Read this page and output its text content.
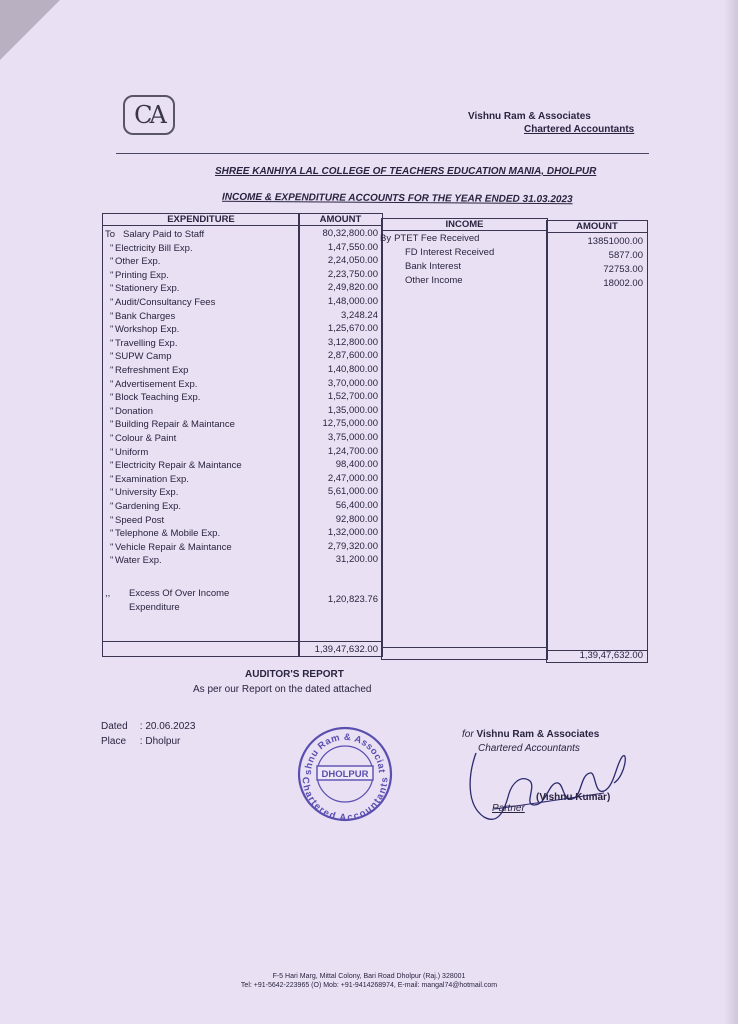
CA	Vishnu Ram & Associates
Chartered Accountants
SHREE KANHIYA LAL COLLEGE OF TEACHERS EDUCATION MANIA, DHOLPUR
INCOME & EXPENDITURE ACCOUNTS FOR THE YEAR ENDED 31.03.2023
EXPENDITURE
To Salary Paid to Staff
" Electricity Bill Exp.
" Other Exp.
" Printing Exp.
" Stationery Exp.
" Audit/Consultancy Fees
" Bank Charges
" Workshop Exp.
" Travelling Exp.
" SUPW Camp
" Refreshment Exp
" Advertisement Exp.
" Block Teaching Exp.
" Donation
" Building Repair & Maintance
" Colour & Paint
" Uniform
" Electricity Repair & Maintance
" Examination Exp.
" University Exp.
" Gardening Exp.
" Speed Post
" Telephone & Mobile Exp.
" Vehicle Repair & Maintance
" Water Exp.
,, Excess Of Over Income
Expenditure
AMOUNT
80,32,800.00
1,47,550.00
2,24,050.00
2,23,750.00
2,49,820.00
1,48,000.00
3,248.24
1,25,670.00
3,12,800.00
2,87,600.00
1,40,800.00
3,70,000.00
1,52,700.00
1,35,000.00
12,75,000.00
3,75,000.00
1,24,700.00
98,400.00
2,47,000.00
5,61,000.00
56,400.00
92,800.00
1,32,000.00
2,79,320.00
31,200.00
1,20,823.76
1,39,47,632.00
INCOME
By PTET Fee Received
FD Interest Received
Bank Interest
Other Income
AMOUNT
13851000.00
5877.00
72753.00
18002.00
1,39,47,632.00
AUDITOR'S REPORT
As per our Report on the dated attached
Dated : 20.06.2023
Place : Dholpur
shnu Ram & Associat
DHOLPUR
Chartered Accountants
for Vishnu Ram & Associates
Chartered Accountants
(Vishnu Kumar)
Partner
F-5 Hari Marg, Mittal Colony, Bari Road Dholpur (Raj.) 328001
Tel: +91-5642-223965 (O) Mob: +91-9414268974, E-mail: mangal74@hotmail.com
